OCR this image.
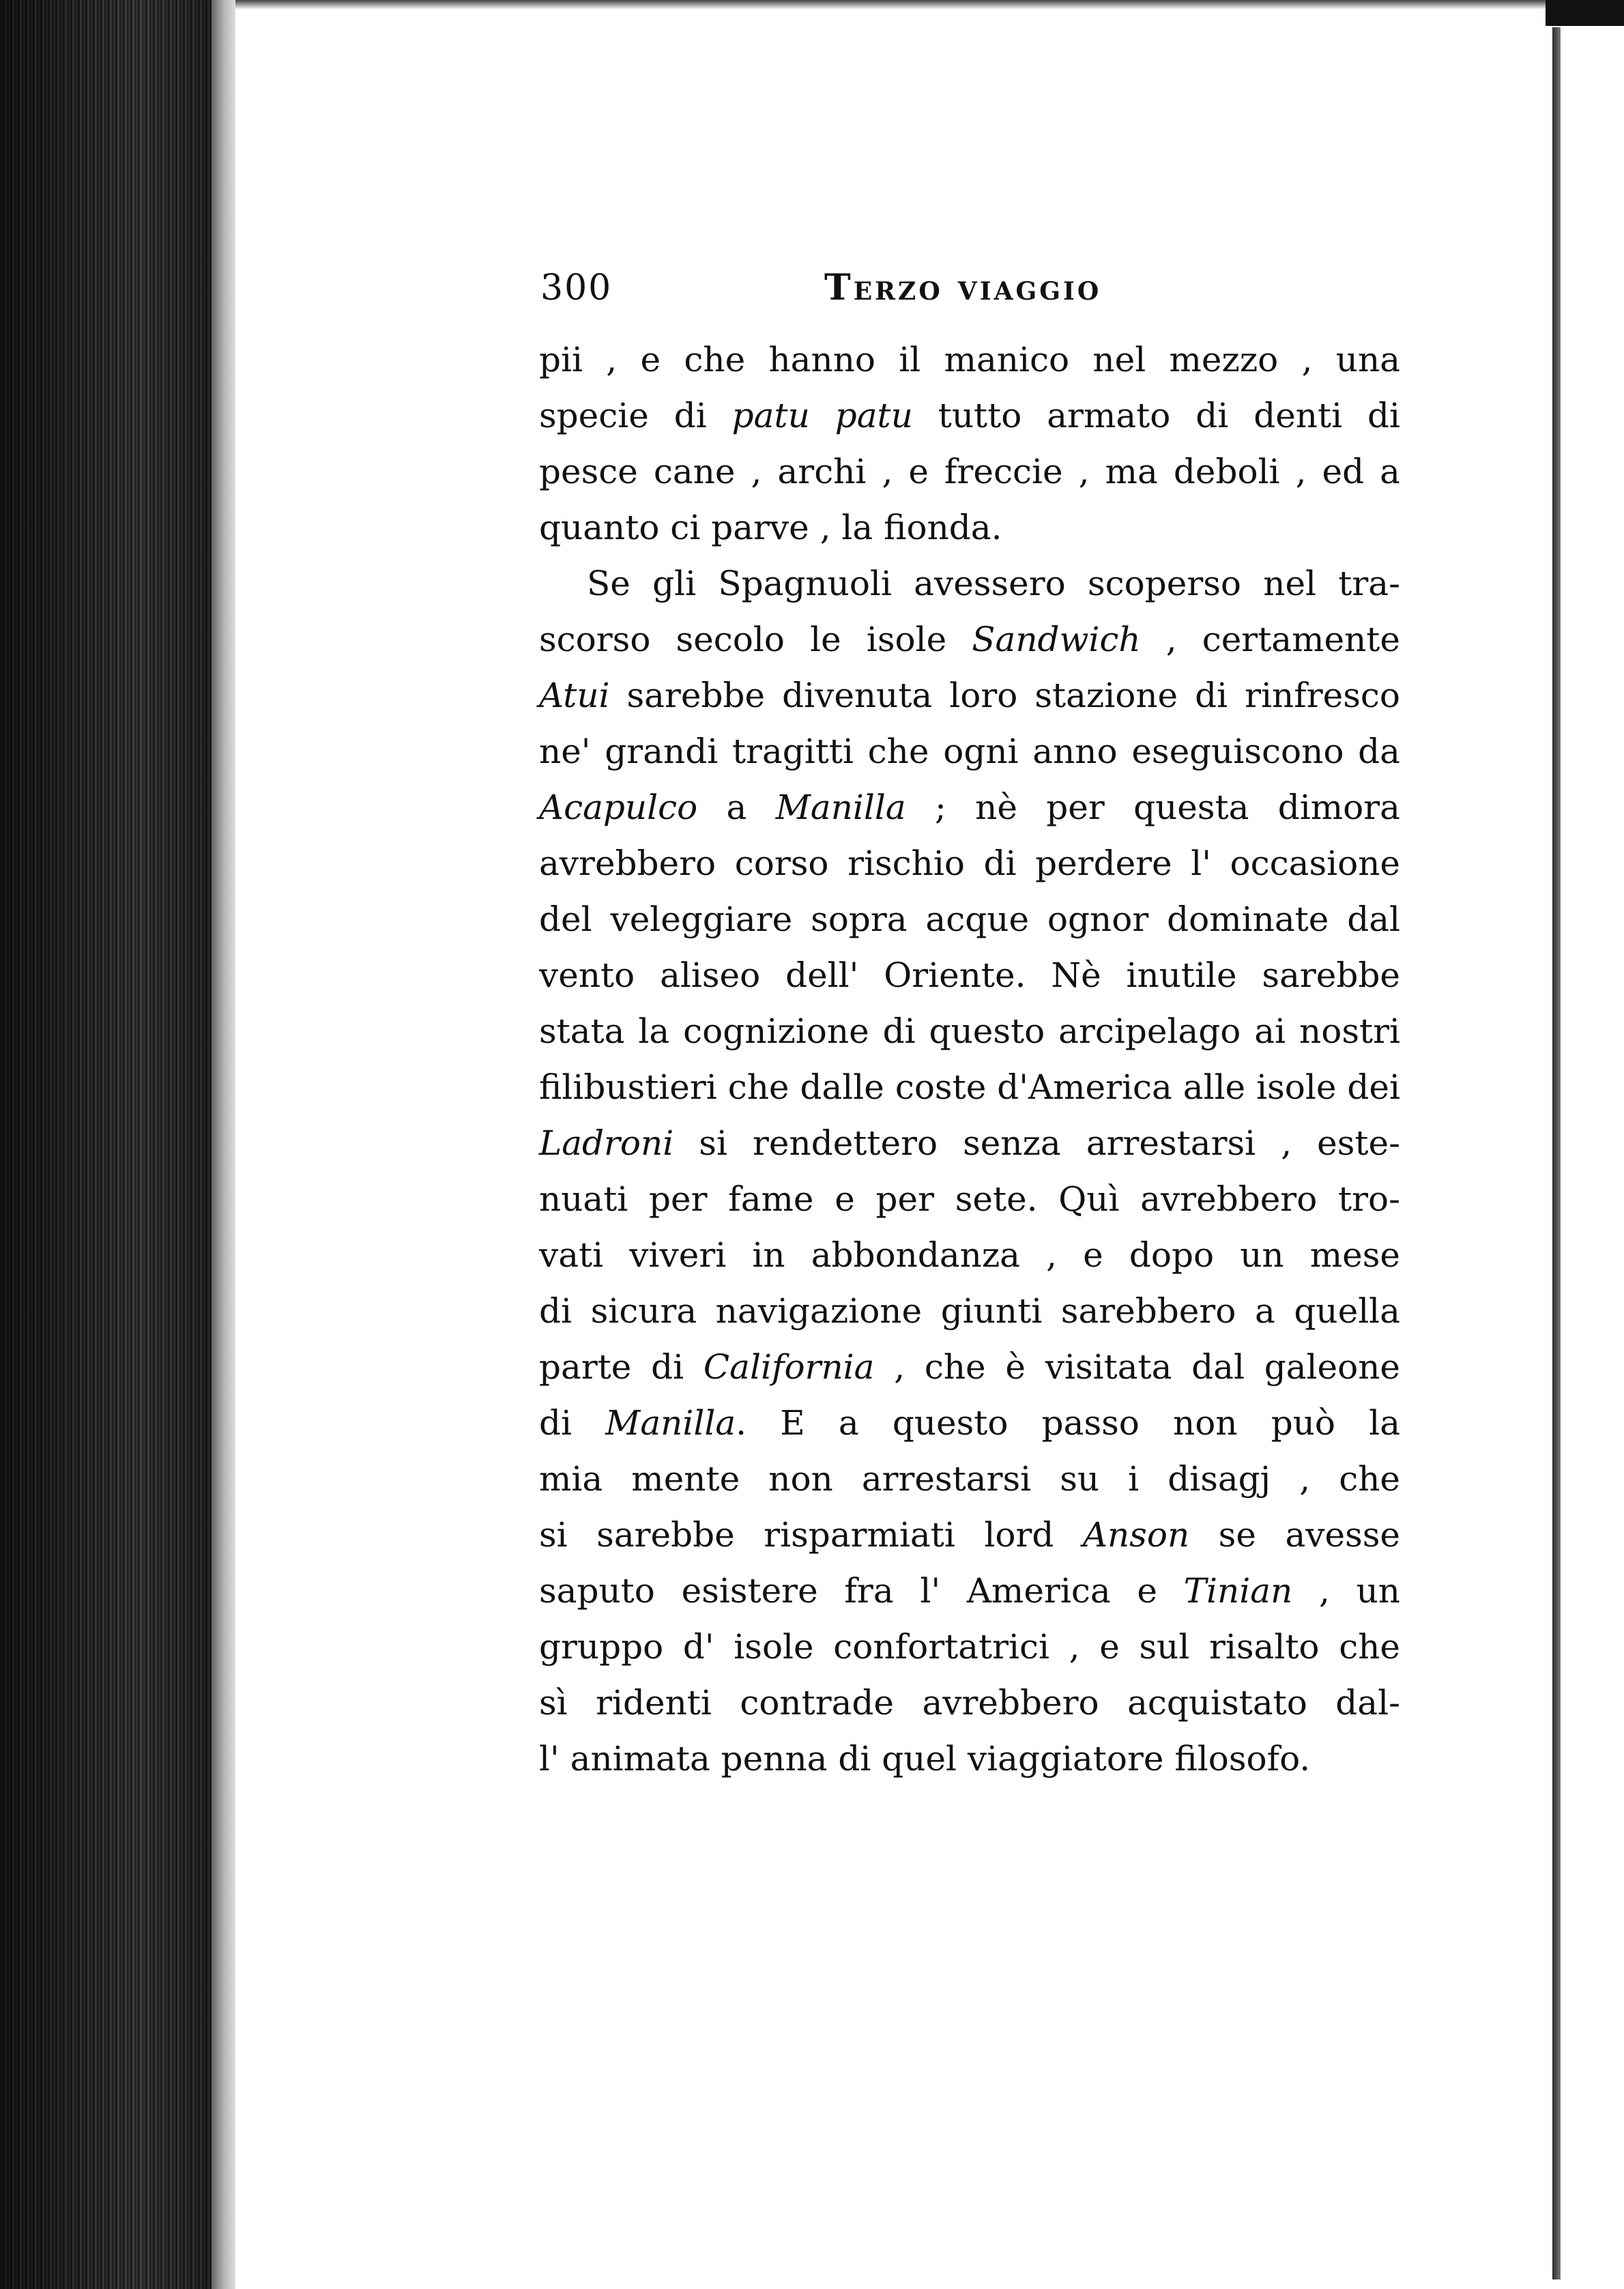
300	Terzo viaggio
pii , e che hanno il manico nel mezzo , una
specie di patu patu tutto armato di denti di
pesce cane , archi , e freccie , ma deboli , ed a
quanto ci parve , la fionda.
Se gli Spagnuoli avessero scoperso nel tra-
scorso secolo le isole Sandwich , certamente
Atui sarebbe divenuta loro stazione di rinfresco
ne' grandi tragitti che ogni anno eseguiscono da
Acapulco a Manilla ; nè per questa dimora
avrebbero corso rischio di perdere l' occasione
del veleggiare sopra acque ognor dominate dal
vento aliseo dell' Oriente. Nè inutile sarebbe
stata la cognizione di questo arcipelago ai nostri
filibustieri che dalle coste d'America alle isole dei
Ladroni si rendettero senza arrestarsi , este-
nuati per fame e per sete. Quì avrebbero tro-
vati viveri in abbondanza , e dopo un mese
di sicura navigazione giunti sarebbero a quella
parte di California , che è visitata dal galeone
di Manilla. E a questo passo non può la
mia mente non arrestarsi su i disagj , che
si sarebbe risparmiati lord Anson se avesse
saputo esistere fra l' America e Tinian , un
gruppo d' isole confortatrici , e sul risalto che
sì ridenti contrade avrebbero acquistato dal-
l' animata penna di quel viaggiatore filosofo.
